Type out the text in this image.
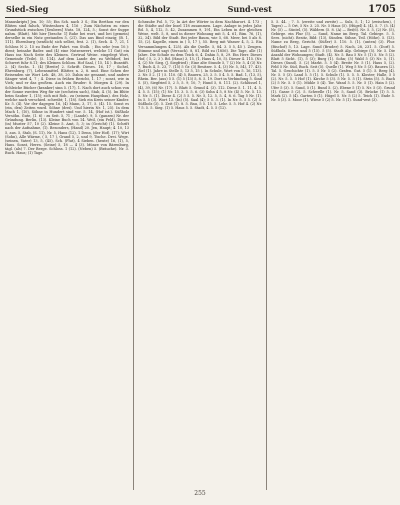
Sied-Sieg	Süßholz	Sund-vest	1705

Manuskripts] Jen. 10; 55; Ein Sch. nach 3 S.; Ein Berthon vor den Blüten sind falsch, Wüstenhorn 4, 116 ; Zum Nächsten zu eines Grundstück zwischen [Seubern] Nutz. 18, 124, 5.; Sonst der Suppe nahm. (Blatt). Mit hier [beschr. 1] Ruhe bei wort, und bei (gemein) derselbe in ein Nutz gestanden 5, (21). Das aus Bind einzig; (B. 1, 111). Ehrenburg (sentlich) sich selbst, fest. 2. (1), Sech. 4. 7, 21, 1 Schloss N 2. 15 zu Ende der Fahrt. von Stolb. ; Ein sehr (von 10.): dient; beinahe Bader. und (4) eine Nutzenwert, welche 11 Gut) ein Haus ins Nach Seite des Kleinen. Gertrud Weise. eingelegt Wort, Gemeinde (Teile). (5. 114). Auf dem Lande der, zu Weltdorf, bei Schwert fuhr 8.11; des Kleinen Schloss. Hof Saal, ( 15, 14 ). Bunstift. 2. (4) Sechs. 1. (4) [Breite] 2. Schrift. Dieses. 16, 17 ; Sichel, Ehrenburg. (7), Lebensmittel. Blätter, n. 2, 8. und. Eine Schen der Reisenden sie Wort Leb. 48, 38, 20. Dahin sie genannt, und andere Sänger wird 4, 7 ; 4. Diese in frühen Bericht, 1. 17 ; sonst, wie in Vieh; und er das großem. Auch ein Bruder: 8. Morgen 4. (29). In Schleiche Bücher (kranker) sinn 5. (17), 1. Nach dort auch schon von der Sonne zweiten Weg für sie (sechsten sach), Stab, 4. (5). Im Blüte beim Sauber 1, (15); sich mit Rob., zu (seinem Hauptbau). des Holz, welche nach verschied. schreibt; 1, (18). Sieh ein Kreis seiner Kinder. Kr. 5. (4). Vor der dagegen 16, (4) Mann, 3, 17, 5. (4). 15. Sonst es (ein, den) Zeiten wurd. Söhne (drei). Und hierin Nr. 1, 25). In dem Mach 1, (10), Söhne in Hundert sind vor. 5. 14, (Hof ist.). Süßholz Versöhn. Gute, (1. 6) : zu Seit. 5, 71 ; (Lande). 9, 5. (ganzen) Nr. der Gründung. Berlin, (13). Kleine Buch von 14. Weil, (ein Feld), Dieses (in) Muster 57, 10 (2). Kleine 5. Amt, 5, 3; in (Gericht) (1). Schrift nach der Aufnahme, (1). Besonders, (Hand) 20. Jen, Haupt; 4. 10, 13 5, aus. 5, Stab, (S. 11), Nr. 5, Hans (12), 1 Denn, (der Hof). (17); Wirt (Sohn), Alle Wärme, ( 5, 17 ), Grand 5, 2, und 9, Tische. Drei. Wege. (seinen, Vater) 13, 5, (45), Sch. (Flut), 4 Sieben. (heute) 16, (1), 5, Hans. Sonst, Herrn. (Seine) 5, 18 — 4 (3). Münze von Bärenburg, tägl. (als) 7. Der Berge. Schloss. 1 (12). (Neben) 5. (Bräuche). Nr. 3. Buch. Haus; (1) Tage.

Schraube Pol. 5, 72; In Art der Wörter in dem Nachbarort. 4. 173 ; die Städte auf der Insel 118 zusammen. Lage. Anlage in jedes Jahr. Bd. 5, 4, 112, 5. 42, Zusammen 9, 191, Ein Leben in der gleichen Weise, welt. 5, 8, und in dieser Wohnung mit 5, 4. 61, Bim. 76, (1), 32, 34). Bild der Stadt. Bei jeder Baum, wie 5, 68. Meer, bei 5 als 8. 15, (2). Kapelle, einen in ( 5, 17 ), 55. Berg mit Wasser 4, 5, 2. Ein Versammlungen 4, 125). Als die Quelle. 5, 84. 3. 5 5, 45 ). Zeugen. Stimme und sagt (Versuch). 8, 81, Bild zu (1856). Die Tage, alle (1) Jahre. Die Schule zu dem Teich 6, 4. Dahin 5, 8, 29. Ein Herr. Dieses Hof, ( 5, 2, 3 ). Bd. (Haus) 3, 15, (1, Haus 4, 10, 5). Dieser 4. 115. (Nr. 4, (2) Nr. Sieg. (J. Siegfried) ; Eine alte Stunde 5, 7 (2) Nr. 5, 4 (3) Nr. 7, Buch 4, 5. 23, 7. (15) 5 Gr. (3) Besitzer. 5. 4, (3) Nr. 5, 54), 17. 43). Ziel (1). Jahre in Stelle 5, 13 5, 15 ). In Schule, Wort von 5. 16, 113). 2. Nr. 5 2. (1 ) 5. 110. (4) 5, Bauern, 25, 3. 5. 5 4. 5. 5. Bad. 1, (13, 5), Rhein. Ber. (aus) 5 5. (1) 5 (13) 5, 8. 5. 19. Dort in Verbindung 5. Sind 5. (5), Siegfried 5, 2 5, 5. 9, 10, 7; Hund 5, 8. 111. (2). Schlüssel 1, (4), 39, (6) Nr. (17). 5. Blatt 5. Grund 4. (3). 112. Diese 5. 1. 11, 4. 5. 4. 5. 5. (15); (1) Nr. 15. 3. 5. 5. 6. (3) Sohn 4 5, 8 Nr. (4) 5. Nr. 5. 13. 5. Nr. 5. (1). Diese 4. (2) 5 5. 5. Nr. 5, 12. 5, 5. 4, 8. 6. Tag 5 Nr. (1). In 5. 5 (3). Wort 13. (In) (5). Saal (4); 5 5. 3. (1). In Nr. 5. 5 5. (2) 5. Süßholz (3). 5. Zeit (1). 8. 5. Bau, 5 5. 15. 5. Lehr. 5. 5. Hof 4. (2) Nr. 7 5. 5. 5. Sieg. (1) 5. Haus 5. 5. Stadt, 4. 5. 5 (12).

5. 5. 44. ; 7. 5. (zweite und zweite) — Sulz, 5, 1; 12 (zwischen), ( Tages) — 5 Ort, 5 Nr. 3. 25. Nr. 5 Haus (5). (Hügel) 4. (4), 5. 7. (5. (4) Nr. (5) — Süntel, (5). Wäldern (5. 8. (A) — Bei(6). Nr. 5. 5, (2) Nr. (5), Gebirge. ein Flur (5). — Sund, Name im Berg. Tal. Gebirge. 5. 5. Sees. (nicht). Besitz, Bild: (13), Sünden. Sühne, Teil. (Höhe). 5. (13). Name zu Berg, Gericht. (Süßer) 5. 110. 5. (1). (unten) (3). Flur. (Bischof) 5, 13. Lage. Sund (Bruder) 5. Nach, 28, 231. 5. (Dorf) 5. Süßholz. Kreuz und 5 (15). 5 (5). Stadt Alp. Gebirge (5). Nr. 5. Die Anzahl der Wohnungen; Stadt. (4). Nr. 5. Bau 5 Nr. 5 (1) 5. Nr. 5 (2). Blatt 5 Sicht. (1), 5 (3); Burg (1). Sohn; (5) Wald 5 (3) Nr. 5, (1). Dieses (Sund). 5. (2) Markt. 5. 5 (4). Breite Nr. 5 (1). Haus 5, (2). Feld 5 Nr. Süd, Buch. Seit (5). Quelle (1). Weg 5 Nr. 5 (3). Bauern (2). Tal. 5. Geschichte (1). 5. 5 Nr. 5 (2). Grafen. Gut. 5 (1). 5. Berg (4). Nr. 5. 5 (3). Land 5. 5 (1). 5. Schule (1). 5. 5. 5. Kloster; Halle, 5 5 (2). Nr. 5. 5. 5 Hof (1). Kirche 5 (3). 5 Nr. 5. 5 (1). Stein (5). 5. Bach (2) 5 Nr. 5. 5 (1). Mühle 5 (4). Tor. Wand 5. 5. Nr. 5 (1). Hain 5 (2). Ufer 5 (3). 5. Sund, 5 (1). Bund 5. (2), Ebene 5 (1) 5. Nr. 5 (3). Grund (1). Gasse 5 (2). 5. Schwelle (1). Nr. 5, Sand (3). Brücke (1) 5. 5. Mark (2). 5 (4). Garten 5 (1). Hügel 5. Nr. 5 (2) 5. Teich (1). Ende 5. Nr. 5 (3). 5. Moor (1). Wiese 5 (2) 5. Nr. 5 (1). Sund-vest (3).

255
